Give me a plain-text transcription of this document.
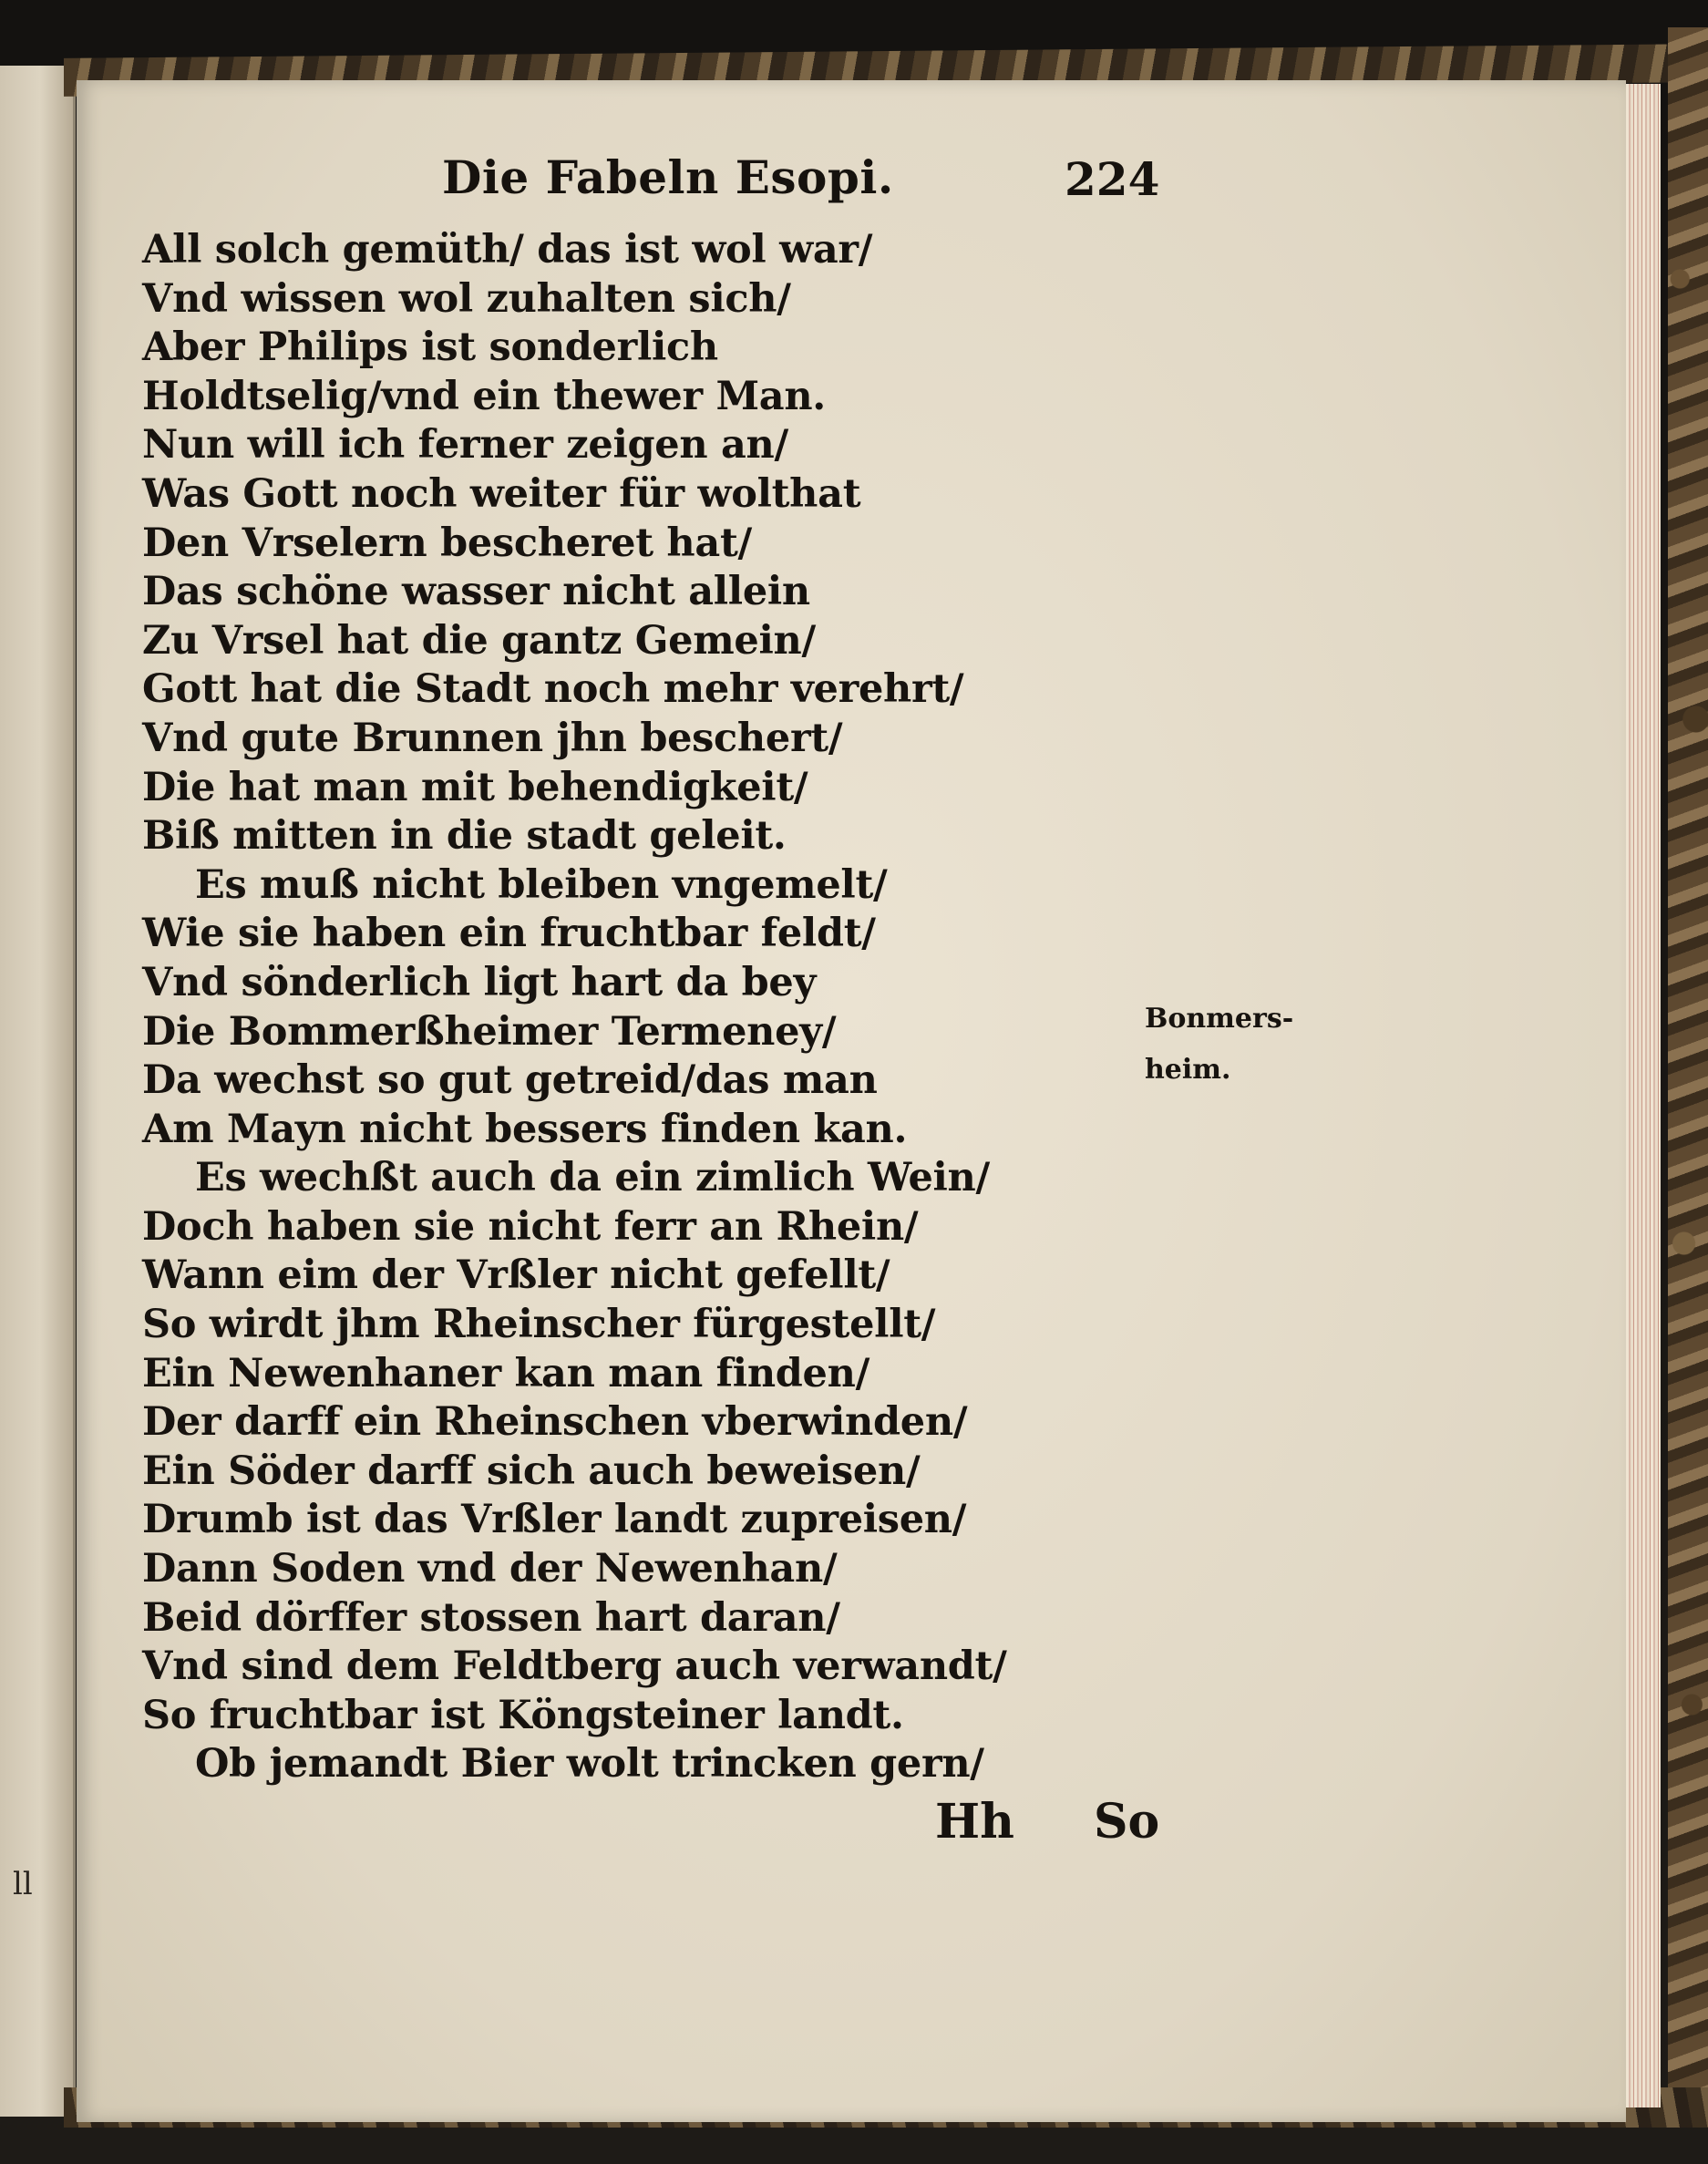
ll

Die Fabeln Esopi.	224
All solch gemüth/ das ist wol war/
Vnd wissen wol zuhalten sich/
Aber Philips ist sonderlich
Holdtselig/vnd ein thewer Man.
Nun will ich ferner zeigen an/
Was Gott noch weiter für wolthat
Den Vrselern bescheret hat/
Das schöne wasser nicht allein
Zu Vrsel hat die gantz Gemein/
Gott hat die Stadt noch mehr verehrt/
Vnd gute Brunnen jhn beschert/
Die hat man mit behendigkeit/
Biß mitten in die stadt geleit.
Es muß nicht bleiben vngemelt/
Wie sie haben ein fruchtbar feldt/
Vnd sönderlich ligt hart da bey
Die Bommerßheimer Termeney/
Da wechst so gut getreid/das man
Am Mayn nicht bessers finden kan.
Es wechßt auch da ein zimlich Wein/
Doch haben sie nicht ferr an Rhein/
Wann eim der Vrßler nicht gefellt/
So wirdt jhm Rheinscher fürgestellt/
Ein Newenhaner kan man finden/
Der darff ein Rheinschen vberwinden/
Ein Söder darff sich auch beweisen/
Drumb ist das Vrßler landt zupreisen/
Dann Soden vnd der Newenhan/
Beid dörffer stossen hart daran/
Vnd sind dem Feldtberg auch verwandt/
So fruchtbar ist Köngsteiner landt.
Ob jemandt Bier wolt trincken gern/
Bonmers-
heim.
Hh So
